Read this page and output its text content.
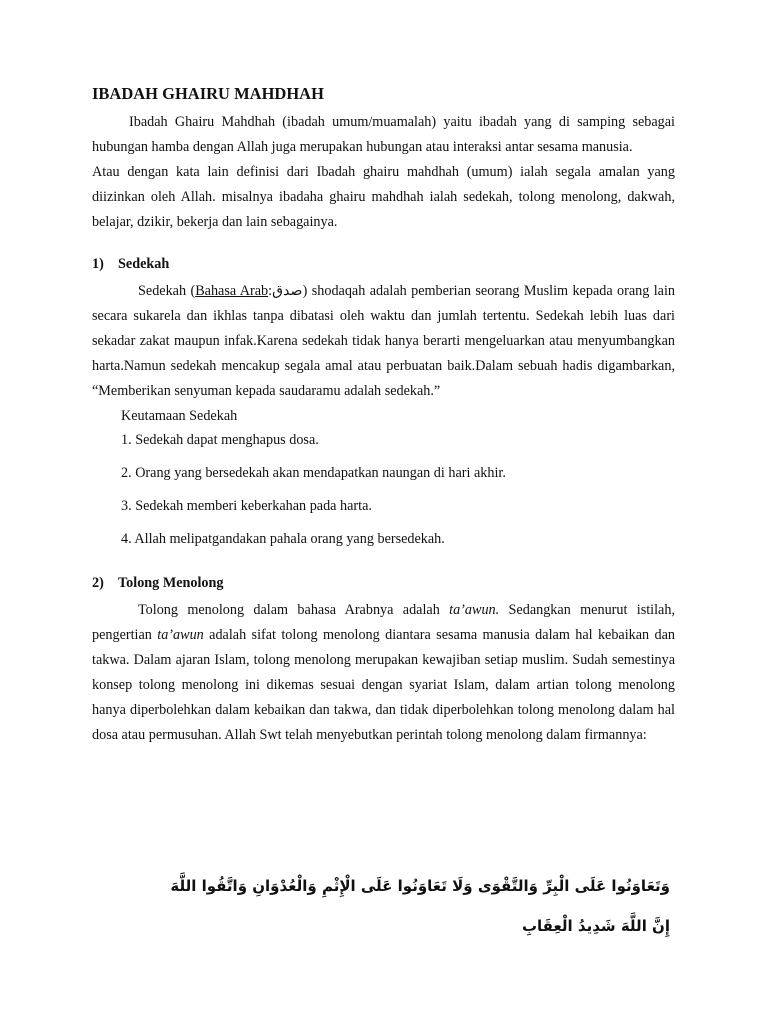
IBADAH GHAIRU MAHDHAH

Ibadah Ghairu Mahdhah (ibadah umum/muamalah) yaitu ibadah yang di samping sebagai hubungan hamba dengan Allah juga merupakan hubungan atau interaksi antar sesama manusia.

Atau dengan kata lain definisi dari Ibadah ghairu mahdhah (umum) ialah segala amalan yang diizinkan oleh Allah. misalnya ibadaha ghairu mahdhah ialah sedekah, tolong menolong, dakwah, belajar, dzikir, bekerja dan lain sebagainya.

1) Sedekah

Sedekah (Bahasa Arab:صدق) shodaqah adalah pemberian seorang Muslim kepada orang lain secara sukarela dan ikhlas tanpa dibatasi oleh waktu dan jumlah tertentu. Sedekah lebih luas dari sekadar zakat maupun infak.Karena sedekah tidak hanya berarti mengeluarkan atau menyumbangkan harta.Namun sedekah mencakup segala amal atau perbuatan baik.Dalam sebuah hadis digambarkan, “Memberikan senyuman kepada saudaramu adalah sedekah.”

Keutamaan Sedekah
1. Sedekah dapat menghapus dosa.
2. Orang yang bersedekah akan mendapatkan naungan di hari akhir.
3. Sedekah memberi keberkahan pada harta.
4. Allah melipatgandakan pahala orang yang bersedekah.
2) Tolong Menolong

Tolong menolong dalam bahasa Arabnya adalah ta’awun. Sedangkan menurut istilah, pengertian ta’awun adalah sifat tolong menolong diantara sesama manusia dalam hal kebaikan dan takwa. Dalam ajaran Islam, tolong menolong merupakan kewajiban setiap muslim. Sudah semestinya konsep tolong menolong ini dikemas sesuai dengan syariat Islam, dalam artian tolong menolong hanya diperbolehkan dalam kebaikan dan takwa, dan tidak diperbolehkan tolong menolong dalam hal dosa atau permusuhan. Allah Swt telah menyebutkan perintah tolong menolong dalam firmannya:

وَتَعَاوَنُوا عَلَى الْبِرِّ وَالتَّقْوَى وَلَا تَعَاوَنُوا عَلَى الْإِثْمِ وَالْعُدْوَانِ وَاتَّقُوا اللَّهَ إِنَّ اللَّهَ شَدِيدُ الْعِقَابِ
